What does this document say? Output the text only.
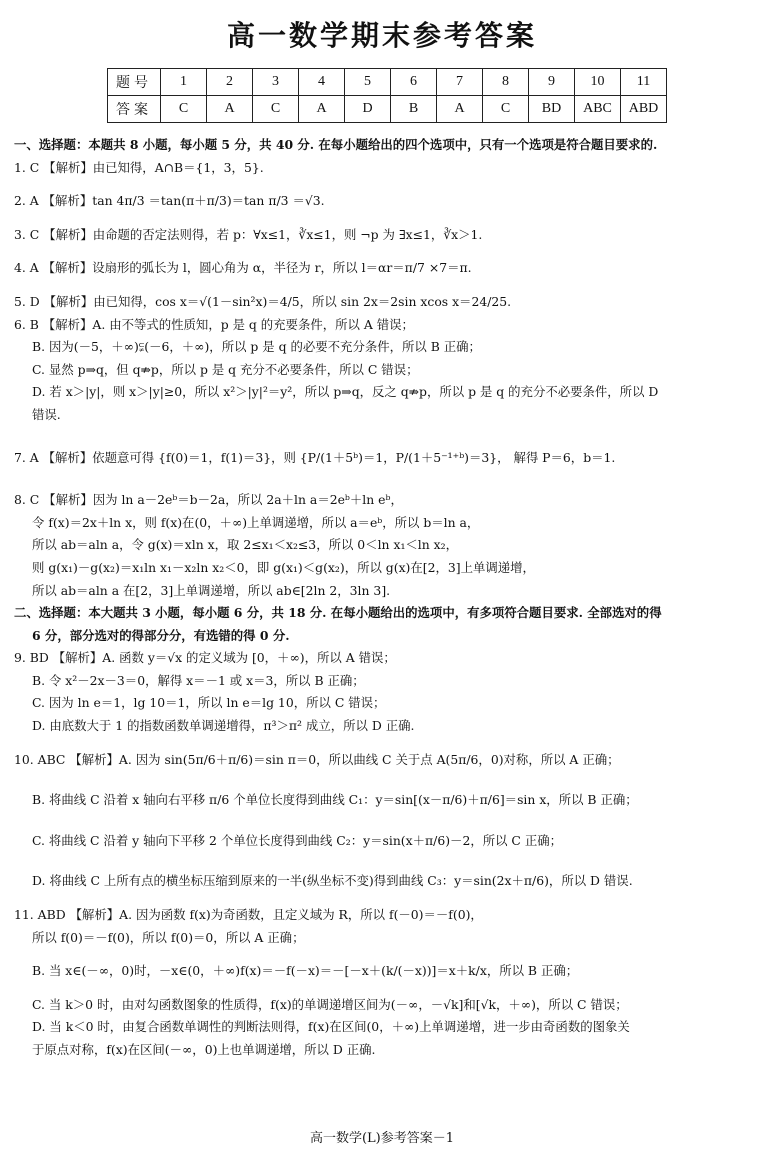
高一数学期末参考答案
题号	1	2	3	4	5	6	7	8	9	10	11
答案	C	A	C	A	D	B	A	C	BD	ABC	ABD
一、选择题：本题共 8 小题，每小题 5 分，共 40 分. 在每小题给出的四个选项中，只有一个选项是符合题目要求的.
1. C 【解析】由已知得，A∩B＝{1，3，5}.
2. A 【解析】tan 4π/3 ＝tan(π＋π/3)＝tan π/3 ＝√3.
3. C 【解析】由命题的否定法则得，若 p：∀x≤1，∛x≤1，则 ¬p 为 ∃x≤1，∛x＞1.
4. A 【解析】设扇形的弧长为 l，圆心角为 α，半径为 r，所以 l＝αr＝π/7 ×7＝π.
5. D 【解析】由已知得，cos x＝√(1－sin²x)＝4/5，所以 sin 2x＝2sin xcos x＝24/25.
6. B 【解析】A. 由不等式的性质知，p 是 q 的充要条件，所以 A 错误；
B. 因为(－5，＋∞)⫋(－6，＋∞)，所以 p 是 q 的必要不充分条件，所以 B 正确；
C. 显然 p⇒q，但 q⇏p，所以 p 是 q 充分不必要条件，所以 C 错误；
D. 若 x＞|y|，则 x＞|y|≥0，所以 x²＞|y|²＝y²，所以 p⇒q，反之 q⇏p，所以 p 是 q 的充分不必要条件，所以 D
错误.
7. A 【解析】依题意可得 {f(0)＝1，f(1)＝3}，则 {P/(1＋5ᵇ)＝1，P/(1＋5⁻¹⁺ᵇ)＝3}， 解得 P＝6，b＝1.
8. C 【解析】因为 ln a－2eᵇ＝b－2a，所以 2a＋ln a＝2eᵇ＋ln eᵇ，
令 f(x)＝2x＋ln x，则 f(x)在(0，＋∞)上单调递增，所以 a＝eᵇ，所以 b＝ln a，
所以 ab＝aln a，令 g(x)＝xln x，取 2≤x₁＜x₂≤3，所以 0＜ln x₁＜ln x₂，
则 g(x₁)－g(x₂)＝x₁ln x₁－x₂ln x₂＜0，即 g(x₁)＜g(x₂)，所以 g(x)在[2，3]上单调递增，
所以 ab＝aln a 在[2，3]上单调递增，所以 ab∈[2ln 2，3ln 3].
二、选择题：本大题共 3 小题，每小题 6 分，共 18 分. 在每小题给出的选项中，有多项符合题目要求. 全部选对的得
6 分，部分选对的得部分分，有选错的得 0 分.
9. BD 【解析】A. 函数 y＝√x 的定义域为 [0，＋∞)，所以 A 错误；
B. 令 x²－2x－3＝0，解得 x＝－1 或 x＝3，所以 B 正确；
C. 因为 ln e＝1，lg 10＝1，所以 ln e＝lg 10，所以 C 错误；
D. 由底数大于 1 的指数函数单调递增得，π³＞π² 成立，所以 D 正确.
10. ABC 【解析】A. 因为 sin(5π/6＋π/6)＝sin π＝0，所以曲线 C 关于点 A(5π/6，0)对称，所以 A 正确；
B. 将曲线 C 沿着 x 轴向右平移 π/6 个单位长度得到曲线 C₁：y＝sin[(x－π/6)＋π/6]＝sin x，所以 B 正确；
C. 将曲线 C 沿着 y 轴向下平移 2 个单位长度得到曲线 C₂：y＝sin(x＋π/6)－2，所以 C 正确；
D. 将曲线 C 上所有点的横坐标压缩到原来的一半(纵坐标不变)得到曲线 C₃：y＝sin(2x＋π/6)，所以 D 错误.
11. ABD 【解析】A. 因为函数 f(x)为奇函数，且定义域为 R，所以 f(－0)＝－f(0)，
所以 f(0)＝－f(0)，所以 f(0)＝0，所以 A 正确；
B. 当 x∈(－∞，0)时，－x∈(0，＋∞)f(x)＝－f(－x)＝－[－x＋(k/(－x))]＝x＋k/x，所以 B 正确；
C. 当 k＞0 时，由对勾函数图象的性质得，f(x)的单调递增区间为(－∞，－√k]和[√k，＋∞)，所以 C 错误；
D. 当 k＜0 时，由复合函数单调性的判断法则得，f(x)在区间(0，＋∞)上单调递增，进一步由奇函数的图象关
于原点对称，f(x)在区间(－∞，0)上也单调递增，所以 D 正确.
高一数学(L)参考答案－1
